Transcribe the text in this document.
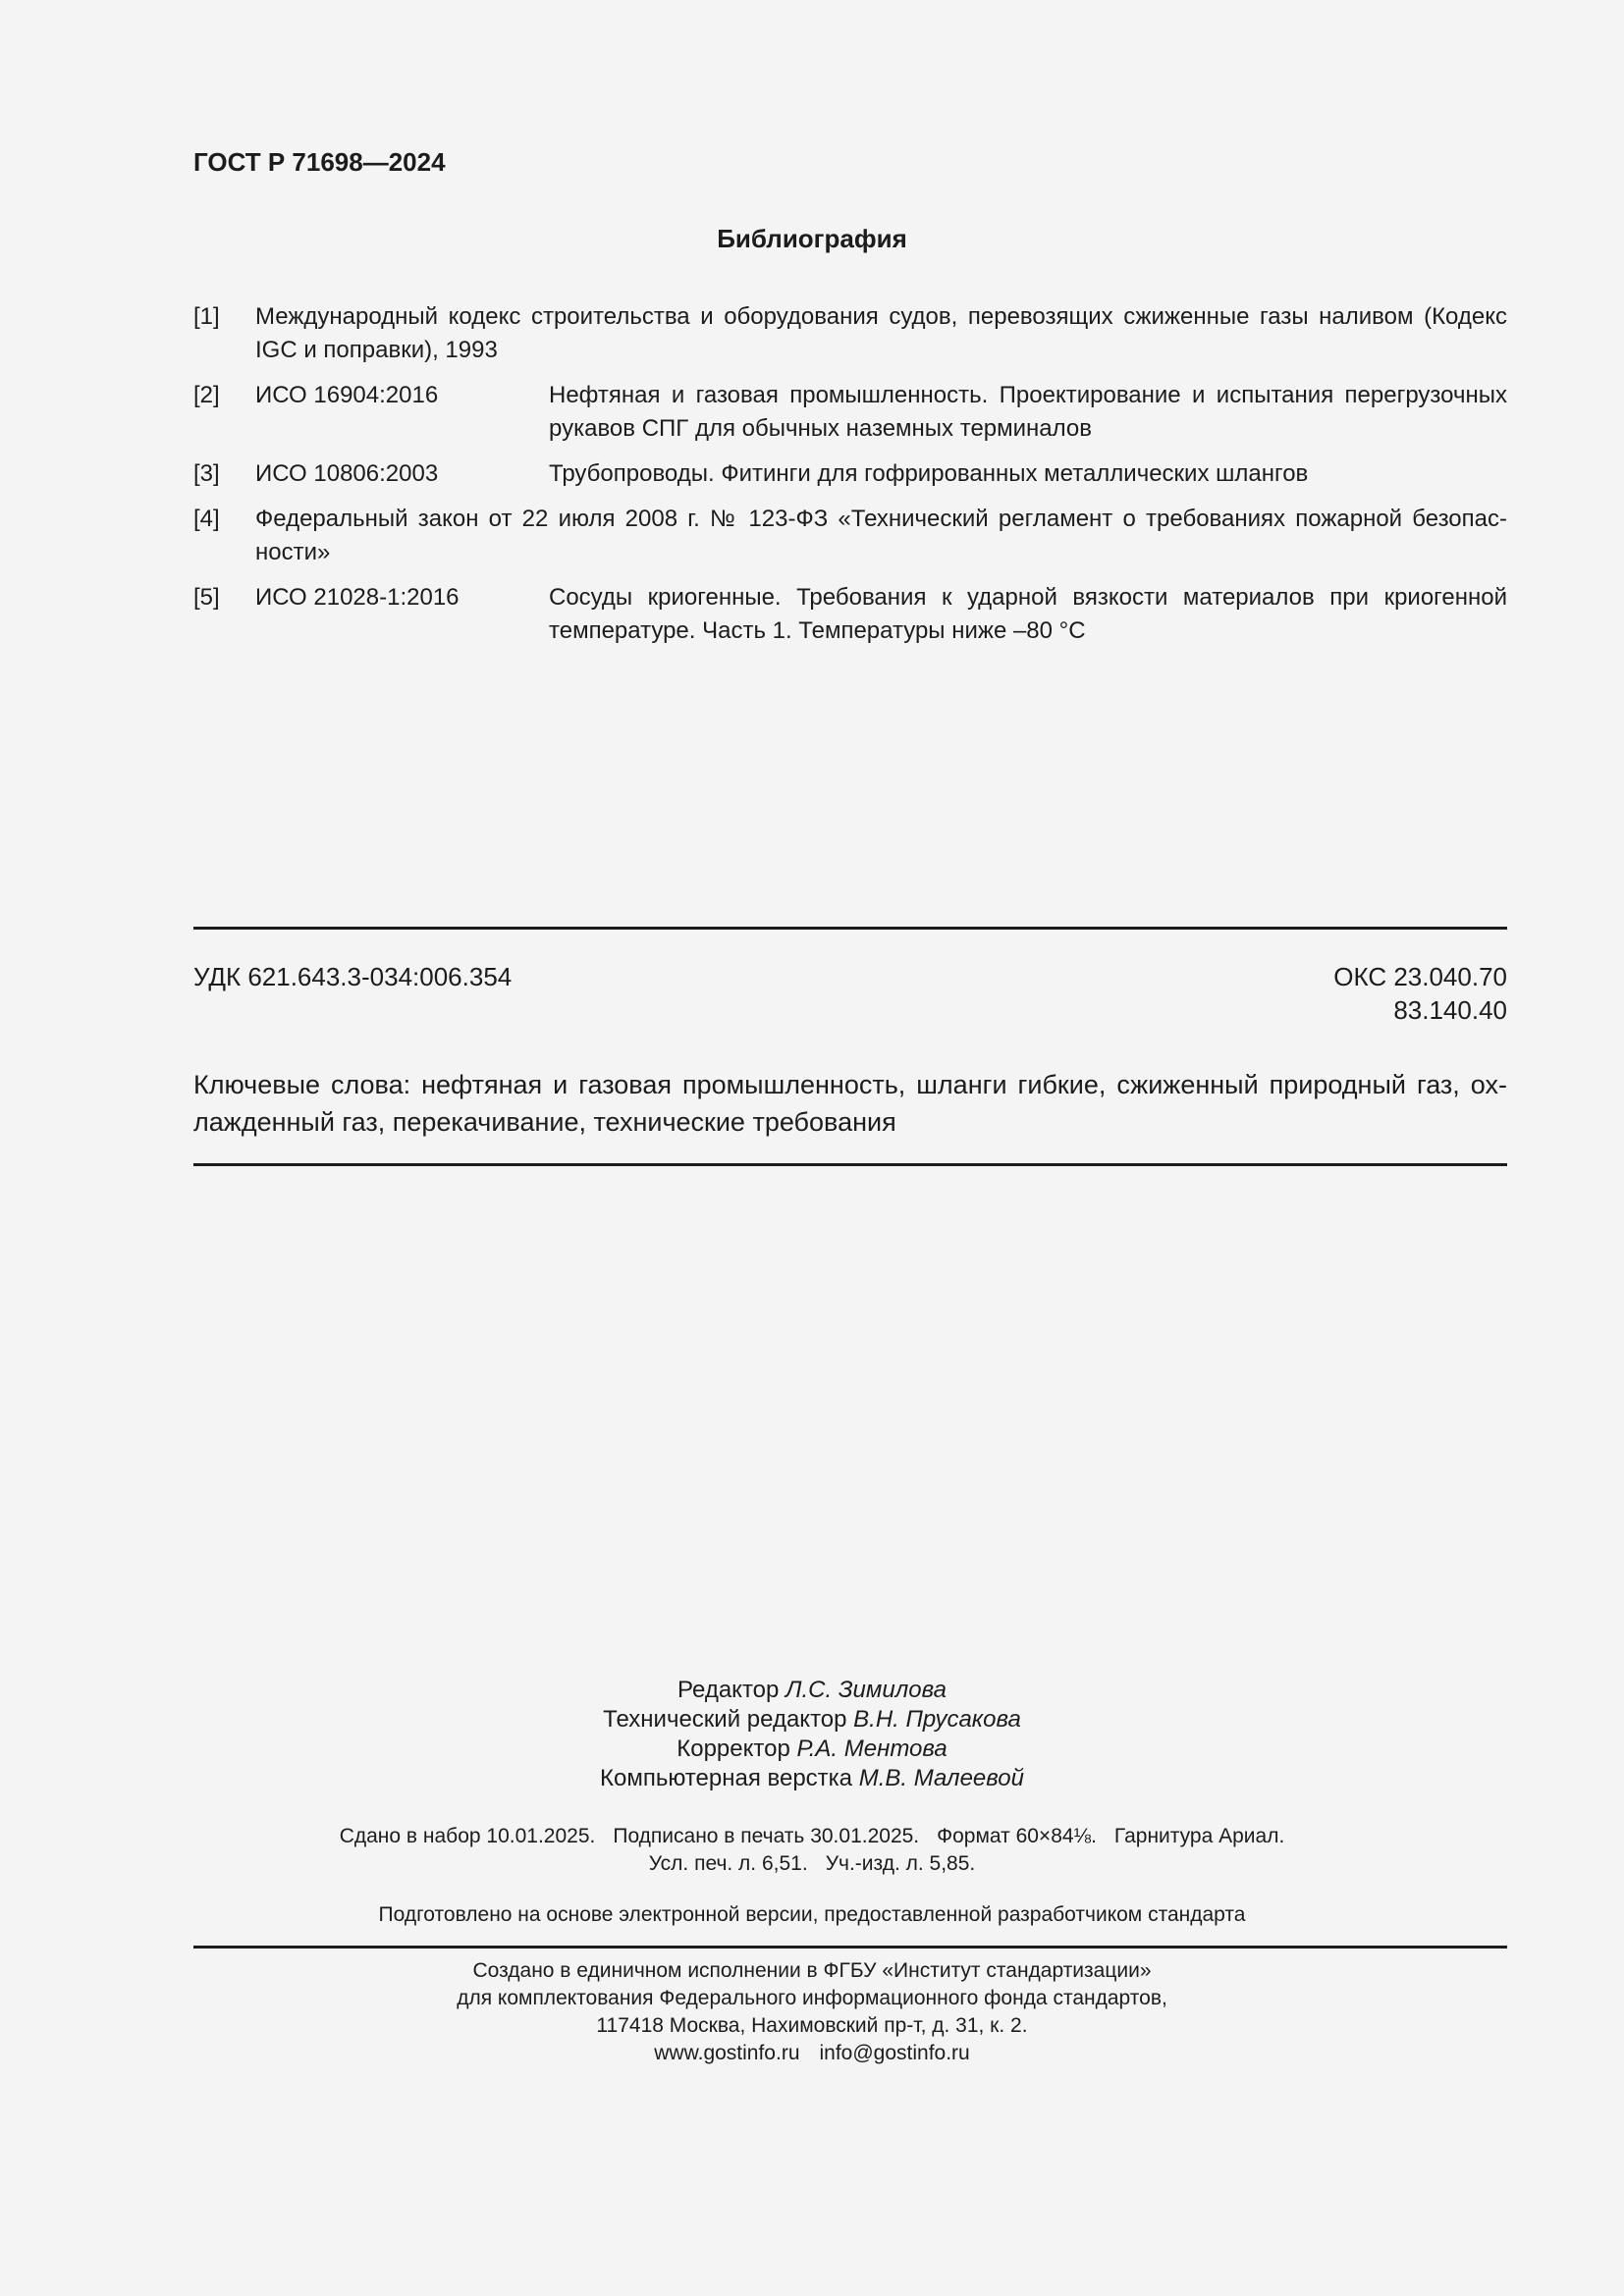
ГОСТ Р 71698—2024
Библиография
[1] Международный кодекс строительства и оборудования судов, перевозящих сжиженные газы наливом (Кодекс IGC и поправки), 1993
[2] ИСО 16904:2016	Нефтяная и газовая промышленность. Проектирование и испытания перегрузочных рукавов СПГ для обычных наземных терминалов
[3] ИСО 10806:2003	Трубопроводы. Фитинги для гофрированных металлических шлангов
[4] Федеральный закон от 22 июля 2008 г. № 123-ФЗ «Технический регламент о требованиях пожарной безопасности»
[5] ИСО 21028-1:2016	Сосуды криогенные. Требования к ударной вязкости материалов при криогенной температуре. Часть 1. Температуры ниже –80 °С
УДК 621.643.3-034:006.354	ОКС 23.040.70
83.140.40
Ключевые слова: нефтяная и газовая промышленность, шланги гибкие, сжиженный природный газ, охлажденный газ, перекачивание, технические требования
Редактор Л.С. Зимилова
Технический редактор В.Н. Прусакова
Корректор Р.А. Ментова
Компьютерная верстка М.В. Малеевой
Сдано в набор 10.01.2025. Подписано в печать 30.01.2025. Формат 60×84⅛. Гарнитура Ариал.
Усл. печ. л. 6,51. Уч.-изд. л. 5,85.
Подготовлено на основе электронной версии, предоставленной разработчиком стандарта
Создано в единичном исполнении в ФГБУ «Институт стандартизации»
для комплектования Федерального информационного фонда стандартов,
117418 Москва, Нахимовский пр-т, д. 31, к. 2.
www.gostinfo.ru info@gostinfo.ru
